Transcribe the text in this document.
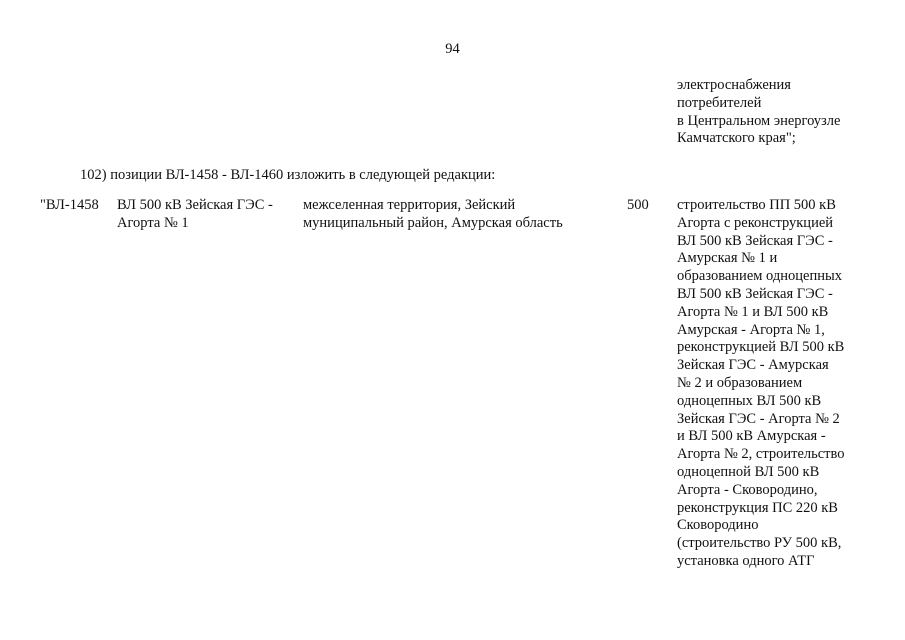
94
электроснабжения
потребителей
в Центральном энергоузле
Камчатского края";
102) позиции ВЛ-1458 - ВЛ-1460 изложить в следующей редакции:
"ВЛ-1458 ВЛ 500 кВ Зейская ГЭС -
Агорта № 1
межселенная территория, Зейский
муниципальный район, Амурская область
500 строительство ПП 500 кВ
Агорта с реконструкцией
ВЛ 500 кВ Зейская ГЭС -
Амурская № 1 и
образованием одноцепных
ВЛ 500 кВ Зейская ГЭС -
Агорта № 1 и ВЛ 500 кВ
Амурская - Агорта № 1,
реконструкцией ВЛ 500 кВ
Зейская ГЭС - Амурская
№ 2 и образованием
одноцепных ВЛ 500 кВ
Зейская ГЭС - Агорта № 2
и ВЛ 500 кВ Амурская -
Агорта № 2, строительство
одноцепной ВЛ 500 кВ
Агорта - Сковородино,
реконструкция ПС 220 кВ
Сковородино
(строительство РУ 500 кВ,
установка одного АТГ
